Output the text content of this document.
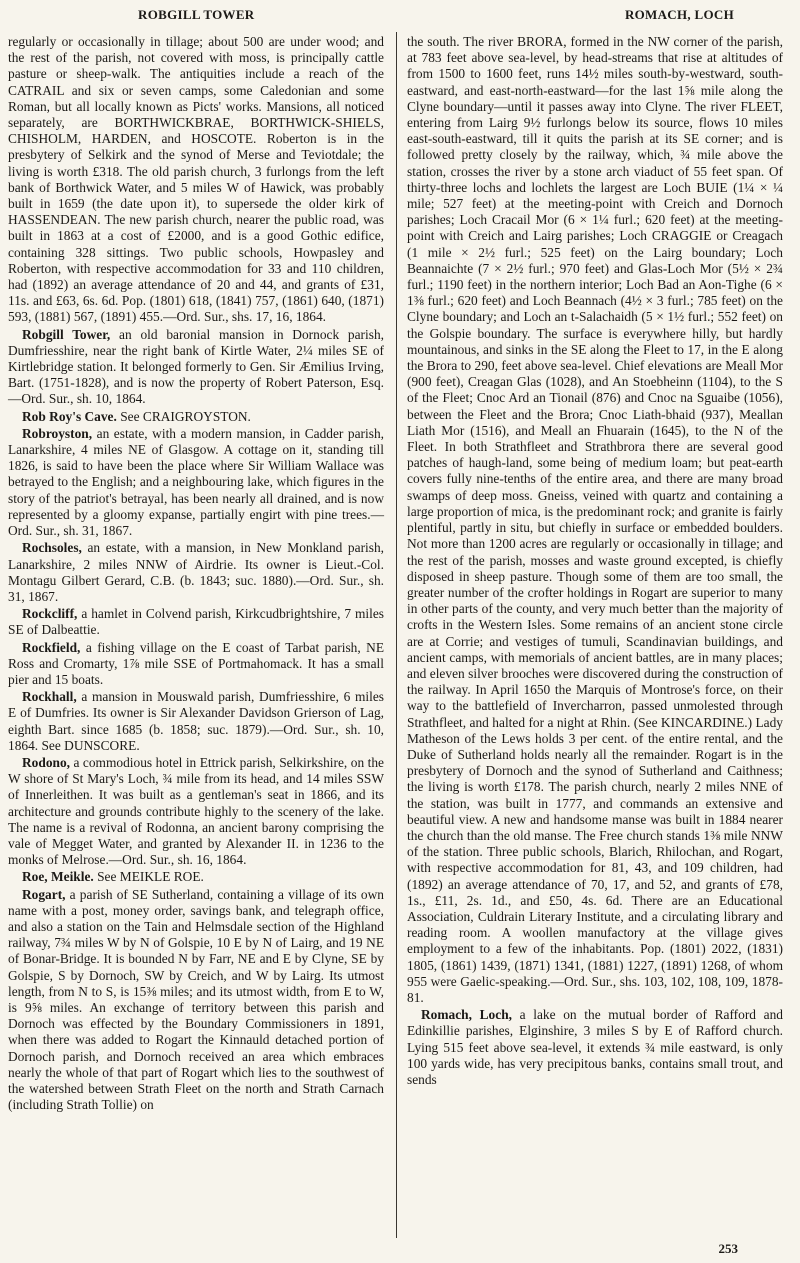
ROBGILL TOWER	ROMACH, LOCH

regularly or occasionally in tillage; about 500 are under wood; and the rest of the parish, not covered with moss, is principally cattle pasture or sheep-walk. The antiquities include a reach of the CATRAIL and six or seven camps, some Caledonian and some Roman, but all locally known as Picts' works. Mansions, all noticed separately, are BORTHWICKBRAE, BORTHWICK-SHIELS, CHISHOLM, HARDEN, and HOSCOTE. Roberton is in the presbytery of Selkirk and the synod of Merse and Teviotdale; the living is worth £318. The old parish church, 3 furlongs from the left bank of Borthwick Water, and 5 miles W of Hawick, was probably built in 1659 (the date upon it), to supersede the older kirk of HASSENDEAN. The new parish church, nearer the public road, was built in 1863 at a cost of £2000, and is a good Gothic edifice, containing 328 sittings. Two public schools, Howpasley and Roberton, with respective accommodation for 33 and 110 children, had (1892) an average attendance of 20 and 44, and grants of £31, 11s. and £63, 6s. 6d. Pop. (1801) 618, (1841) 757, (1861) 640, (1871) 593, (1881) 567, (1891) 455.—Ord. Sur., shs. 17, 16, 1864.

Robgill Tower, an old baronial mansion in Dornock parish, Dumfriesshire, near the right bank of Kirtle Water, 2¼ miles SE of Kirtlebridge station. It belonged formerly to Gen. Sir Æmilius Irving, Bart. (1751-1828), and is now the property of Robert Paterson, Esq.—Ord. Sur., sh. 10, 1864.

Rob Roy's Cave. See CRAIGROYSTON.

Robroyston, an estate, with a modern mansion, in Cadder parish, Lanarkshire, 4 miles NE of Glasgow. A cottage on it, standing till 1826, is said to have been the place where Sir William Wallace was betrayed to the English; and a neighbouring lake, which figures in the story of the patriot's betrayal, has been nearly all drained, and is now represented by a gloomy expanse, partially engirt with pine trees.—Ord. Sur., sh. 31, 1867.

Rochsoles, an estate, with a mansion, in New Monkland parish, Lanarkshire, 2 miles NNW of Airdrie. Its owner is Lieut.-Col. Montagu Gilbert Gerard, C.B. (b. 1843; suc. 1880).—Ord. Sur., sh. 31, 1867.

Rockcliff, a hamlet in Colvend parish, Kirkcudbrightshire, 7 miles SE of Dalbeattie.

Rockfield, a fishing village on the E coast of Tarbat parish, NE Ross and Cromarty, 1⅞ mile SSE of Portmahomack. It has a small pier and 15 boats.

Rockhall, a mansion in Mouswald parish, Dumfriesshire, 6 miles E of Dumfries. Its owner is Sir Alexander Davidson Grierson of Lag, eighth Bart. since 1685 (b. 1858; suc. 1879).—Ord. Sur., sh. 10, 1864. See DUNSCORE.

Rodono, a commodious hotel in Ettrick parish, Selkirkshire, on the W shore of St Mary's Loch, ¾ mile from its head, and 14 miles SSW of Innerleithen. It was built as a gentleman's seat in 1866, and its architecture and grounds contribute highly to the scenery of the lake. The name is a revival of Rodonna, an ancient barony comprising the vale of Megget Water, and granted by Alexander II. in 1236 to the monks of Melrose.—Ord. Sur., sh. 16, 1864.

Roe, Meikle. See MEIKLE ROE.

Rogart, a parish of SE Sutherland, containing a village of its own name with a post, money order, savings bank, and telegraph office, and also a station on the Tain and Helmsdale section of the Highland railway, 7¾ miles W by N of Golspie, 10 E by N of Lairg, and 19 NE of Bonar-Bridge. It is bounded N by Farr, NE and E by Clyne, SE by Golspie, S by Dornoch, SW by Creich, and W by Lairg. Its utmost length, from N to S, is 15⅜ miles; and its utmost width, from E to W, is 9⅝ miles. An exchange of territory between this parish and Dornoch was effected by the Boundary Commissioners in 1891, when there was added to Rogart the Kinnauld detached portion of Dornoch parish, and Dornoch received an area which embraces nearly the whole of that part of Rogart which lies to the southwest of the watershed between Strath Fleet on the north and Strath Carnach (including Strath Tollie) on

the south. The river BRORA, formed in the NW corner of the parish, at 783 feet above sea-level, by head-streams that rise at altitudes of from 1500 to 1600 feet, runs 14½ miles south-by-westward, south-eastward, and east-north-eastward—for the last 1⅝ mile along the Clyne boundary—until it passes away into Clyne. The river FLEET, entering from Lairg 9½ furlongs below its source, flows 10 miles east-south-eastward, till it quits the parish at its SE corner; and is followed pretty closely by the railway, which, ¾ mile above the station, crosses the river by a stone arch viaduct of 55 feet span. Of thirty-three lochs and lochlets the largest are Loch BUIE (1¼ × ¼ mile; 527 feet) at the meeting-point with Creich and Dornoch parishes; Loch Cracail Mor (6 × 1¼ furl.; 620 feet) at the meeting-point with Creich and Lairg parishes; Loch CRAGGIE or Creagach (1 mile × 2½ furl.; 525 feet) on the Lairg boundary; Loch Beannaichte (7 × 2½ furl.; 970 feet) and Glas-Loch Mor (5½ × 2¾ furl.; 1190 feet) in the northern interior; Loch Bad an Aon-Tighe (6 × 1⅜ furl.; 620 feet) and Loch Beannach (4½ × 3 furl.; 785 feet) on the Clyne boundary; and Loch an t-Salachaidh (5 × 1½ furl.; 552 feet) on the Golspie boundary. The surface is everywhere hilly, but hardly mountainous, and sinks in the SE along the Fleet to 17, in the E along the Brora to 290, feet above sea-level. Chief elevations are Meall Mor (900 feet), Creagan Glas (1028), and An Stoebheinn (1104), to the S of the Fleet; Cnoc Ard an Tionail (876) and Cnoc na Sguaibe (1056), between the Fleet and the Brora; Cnoc Liath-bhaid (937), Meallan Liath Mor (1516), and Meall an Fhuarain (1645), to the N of the Fleet. In both Strathfleet and Strathbrora there are several good patches of haugh-land, some being of medium loam; but peat-earth covers fully nine-tenths of the entire area, and there are many broad swamps of deep moss. Gneiss, veined with quartz and containing a large proportion of mica, is the predominant rock; and granite is fairly plentiful, partly in situ, but chiefly in surface or embedded boulders. Not more than 1200 acres are regularly or occasionally in tillage; and the rest of the parish, mosses and waste ground excepted, is chiefly disposed in sheep pasture. Though some of them are too small, the greater number of the crofter holdings in Rogart are superior to many in other parts of the county, and very much better than the majority of crofts in the Western Isles. Some remains of an ancient stone circle are at Corrie; and vestiges of tumuli, Scandinavian buildings, and ancient camps, with memorials of ancient battles, are in many places; and eleven silver brooches were discovered during the construction of the railway. In April 1650 the Marquis of Montrose's force, on their way to the battlefield of Invercharron, passed unmolested through Strathfleet, and halted for a night at Rhin. (See KINCARDINE.) Lady Matheson of the Lews holds 3 per cent. of the entire rental, and the Duke of Sutherland holds nearly all the remainder. Rogart is in the presbytery of Dornoch and the synod of Sutherland and Caithness; the living is worth £178. The parish church, nearly 2 miles NNE of the station, was built in 1777, and commands an extensive and beautiful view. A new and handsome manse was built in 1884 nearer the church than the old manse. The Free church stands 1⅜ mile NNW of the station. Three public schools, Blarich, Rhilochan, and Rogart, with respective accommodation for 81, 43, and 109 children, had (1892) an average attendance of 70, 17, and 52, and grants of £78, 1s., £11, 2s. 1d., and £50, 4s. 6d. There are an Educational Association, Culdrain Literary Institute, and a circulating library and reading room. A woollen manufactory at the village gives employment to a few of the inhabitants. Pop. (1801) 2022, (1831) 1805, (1861) 1439, (1871) 1341, (1881) 1227, (1891) 1268, of whom 955 were Gaelic-speaking.—Ord. Sur., shs. 103, 102, 108, 109, 1878-81.

Romach, Loch, a lake on the mutual border of Rafford and Edinkillie parishes, Elginshire, 3 miles S by E of Rafford church. Lying 515 feet above sea-level, it extends ¾ mile eastward, is only 100 yards wide, has very precipitous banks, contains small trout, and sends

253
